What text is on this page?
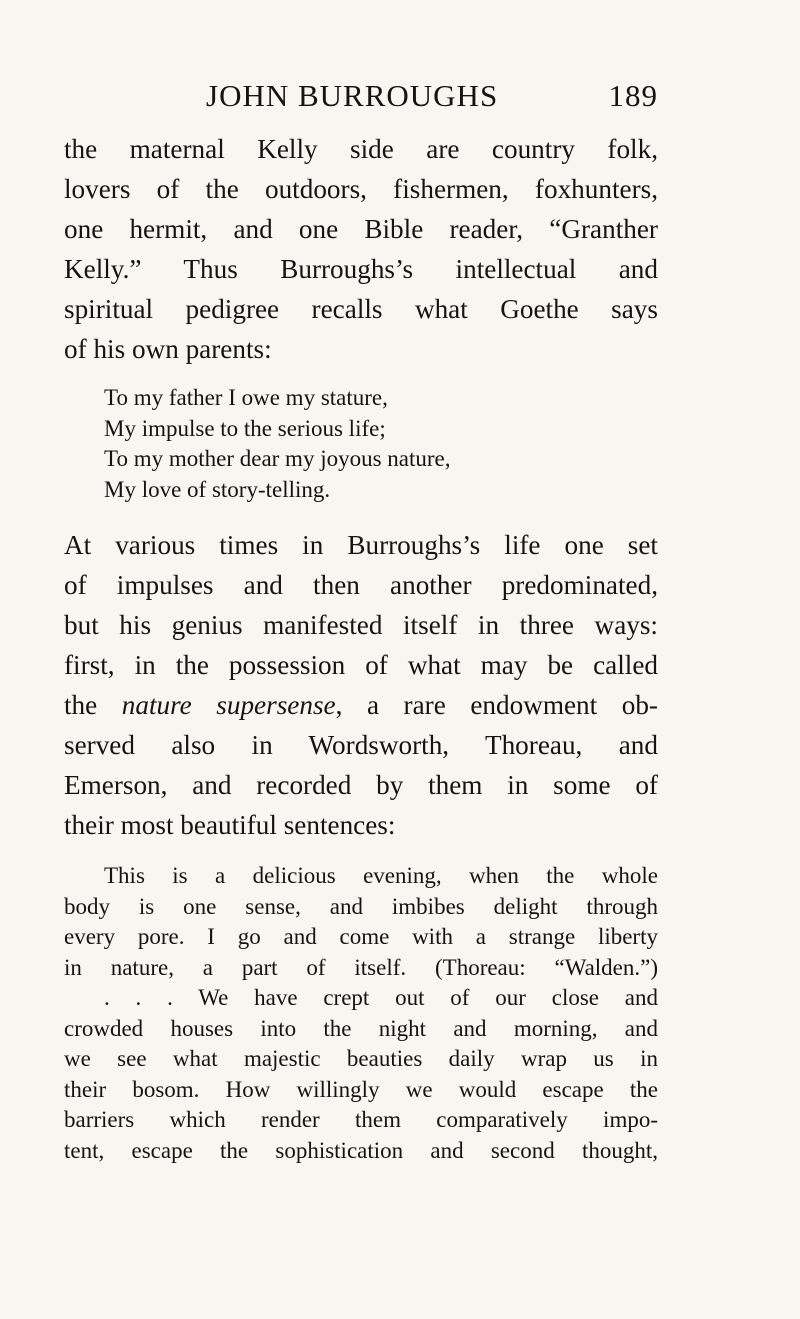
JOHN BURROUGHS	189

the maternal Kelly side are country folk,
lovers of the outdoors, fishermen, foxhunters,
one hermit, and one Bible reader, “Granther
Kelly.” Thus Burroughs’s intellectual and
spiritual pedigree recalls what Goethe says
of his own parents:

To my father I owe my stature,
My impulse to the serious life;
To my mother dear my joyous nature,
My love of story-telling.

At various times in Burroughs’s life one set
of impulses and then another predominated,
but his genius manifested itself in three ways:
first, in the possession of what may be called
the nature supersense, a rare endowment ob-
served also in Wordsworth, Thoreau, and
Emerson, and recorded by them in some of
their most beautiful sentences:

This is a delicious evening, when the whole
body is one sense, and imbibes delight through
every pore. I go and come with a strange liberty
in nature, a part of itself. (Thoreau: “Walden.”)
. . . We have crept out of our close and
crowded houses into the night and morning, and
we see what majestic beauties daily wrap us in
their bosom. How willingly we would escape the
barriers which render them comparatively impo-
tent, escape the sophistication and second thought,
